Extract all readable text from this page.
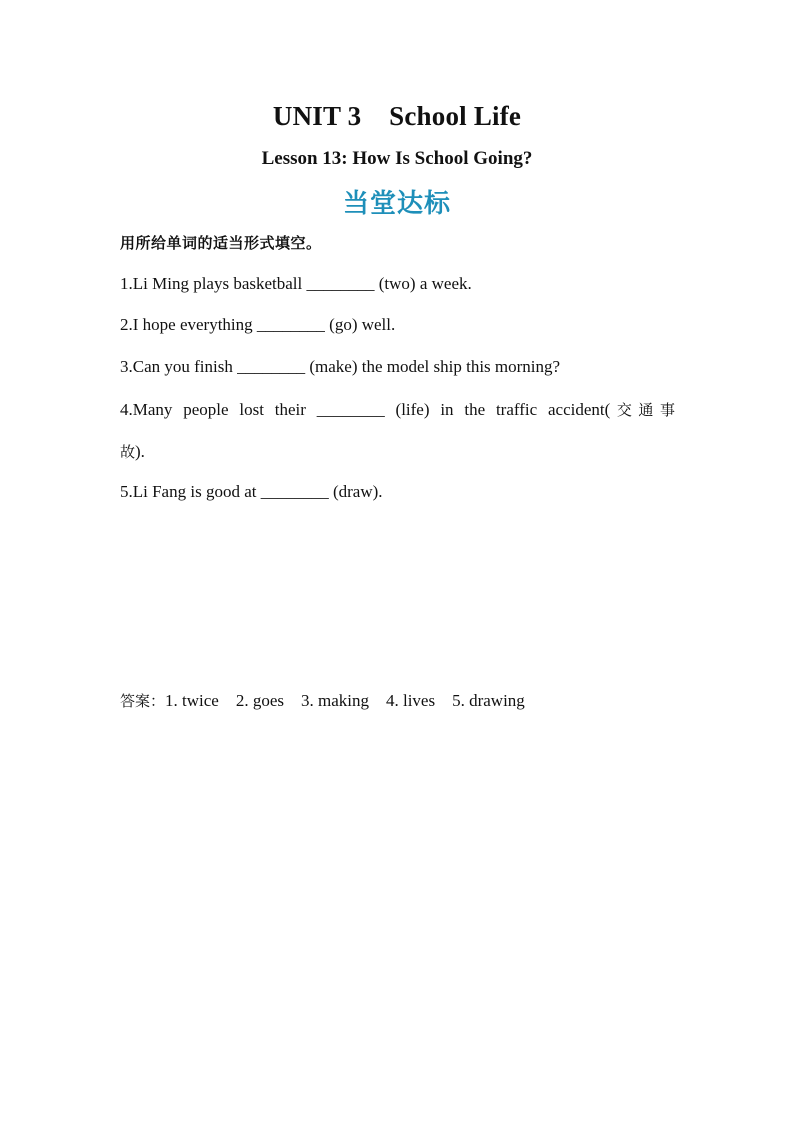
UNIT 3    School Life
Lesson 13: How Is School Going?
当堂达标

用所给单词的适当形式填空。

1.Li Ming plays basketball ________ (two) a week.

2.I hope everything ________ (go) well.

3.Can you finish ________ (make) the model ship this morning?

4.Many people lost their ________ (life) in the traffic accident(交通事

故).

5.Li Fang is good at ________ (draw).

答案：1. twice    2. goes    3. making    4. lives    5. drawing
